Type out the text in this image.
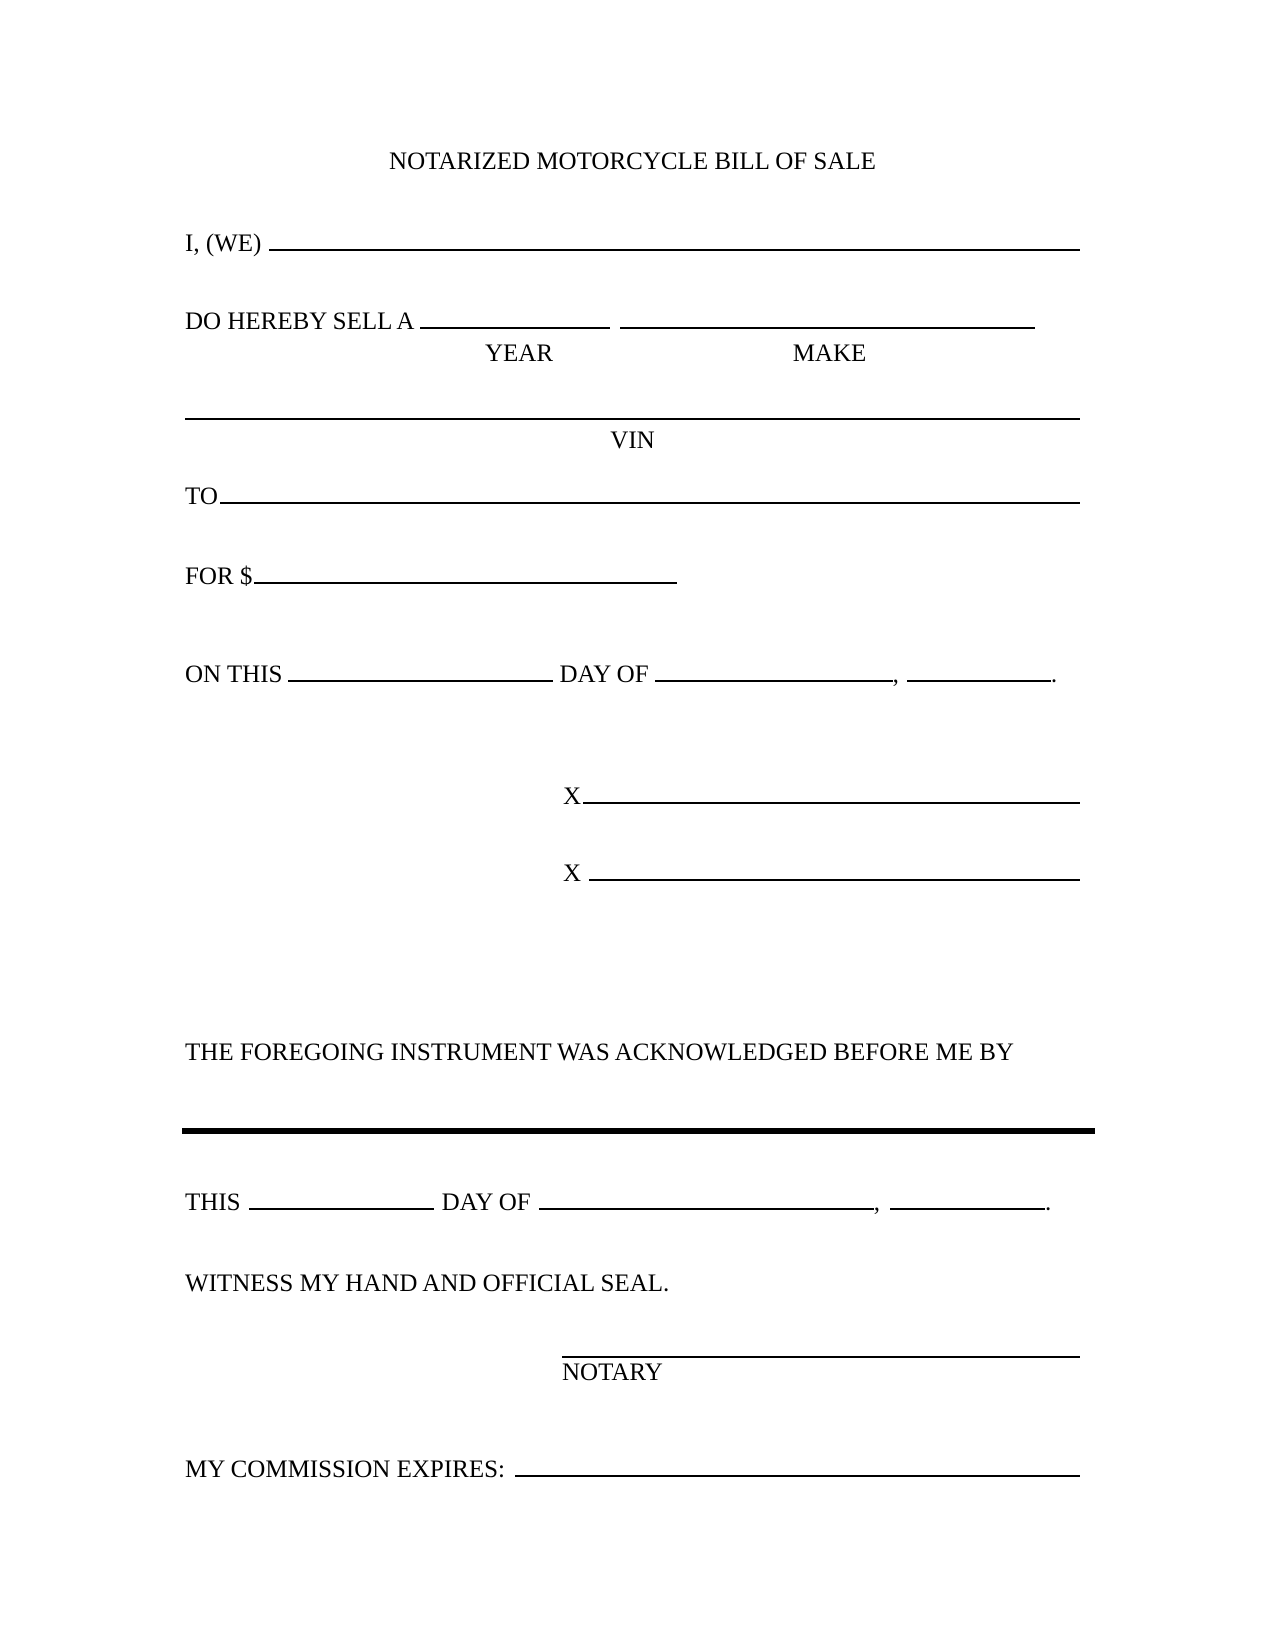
NOTARIZED MOTORCYCLE BILL OF SALE
I, (WE)
DO HEREBY SELL A
YEAR	MAKE
VIN
TO
FOR $
ON THIS	DAY OF	,	.
X
X
THE FOREGOING INSTRUMENT WAS ACKNOWLEDGED BEFORE ME BY
THIS	DAY OF	,	.
WITNESS MY HAND AND OFFICIAL SEAL.
NOTARY
MY COMMISSION EXPIRES:
